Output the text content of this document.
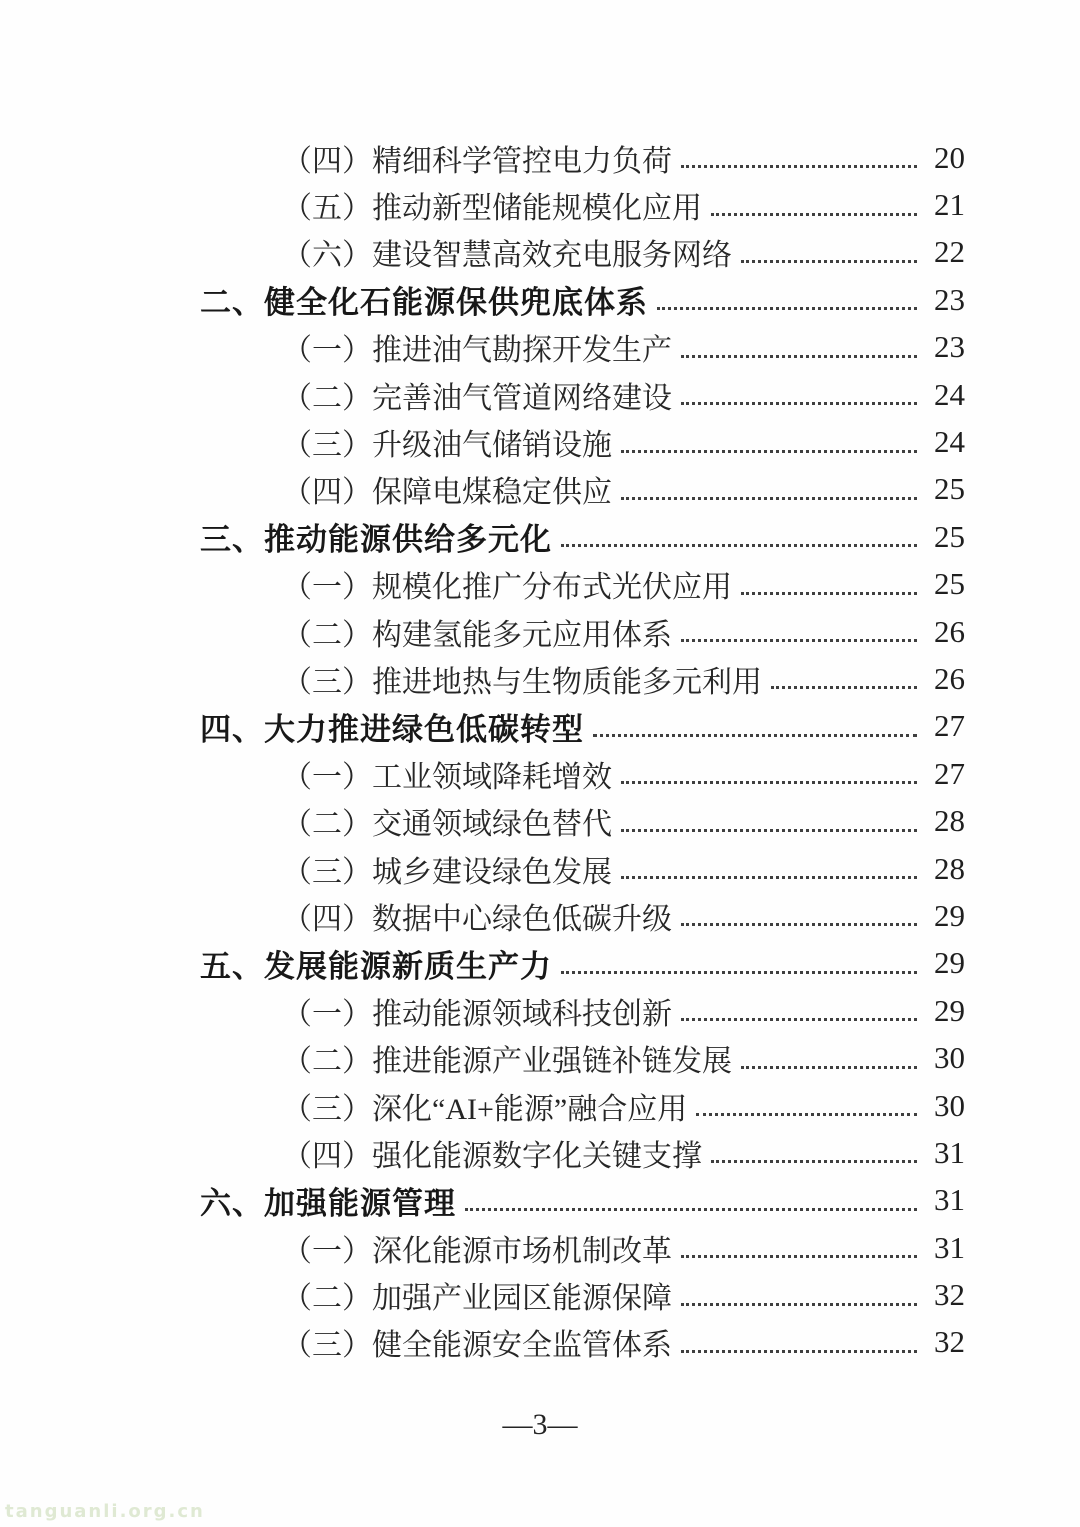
（四）精细科学管控电力负荷	20
（五）推动新型储能规模化应用	21
（六）建设智慧高效充电服务网络	22
二、健全化石能源保供兜底体系	23
（一）推进油气勘探开发生产	23
（二）完善油气管道网络建设	24
（三）升级油气储销设施	24
（四）保障电煤稳定供应	25
三、推动能源供给多元化	25
（一）规模化推广分布式光伏应用	25
（二）构建氢能多元应用体系	26
（三）推进地热与生物质能多元利用	26
四、大力推进绿色低碳转型	27
（一）工业领域降耗增效	27
（二）交通领域绿色替代	28
（三）城乡建设绿色发展	28
（四）数据中心绿色低碳升级	29
五、发展能源新质生产力	29
（一）推动能源领域科技创新	29
（二）推进能源产业强链补链发展	30
（三）深化“AI+能源”融合应用	30
（四）强化能源数字化关键支撑	31
六、加强能源管理	31
（一）深化能源市场机制改革	31
（二）加强产业园区能源保障	32
（三）健全能源安全监管体系	32
—3—
tanguanli.org.cn
